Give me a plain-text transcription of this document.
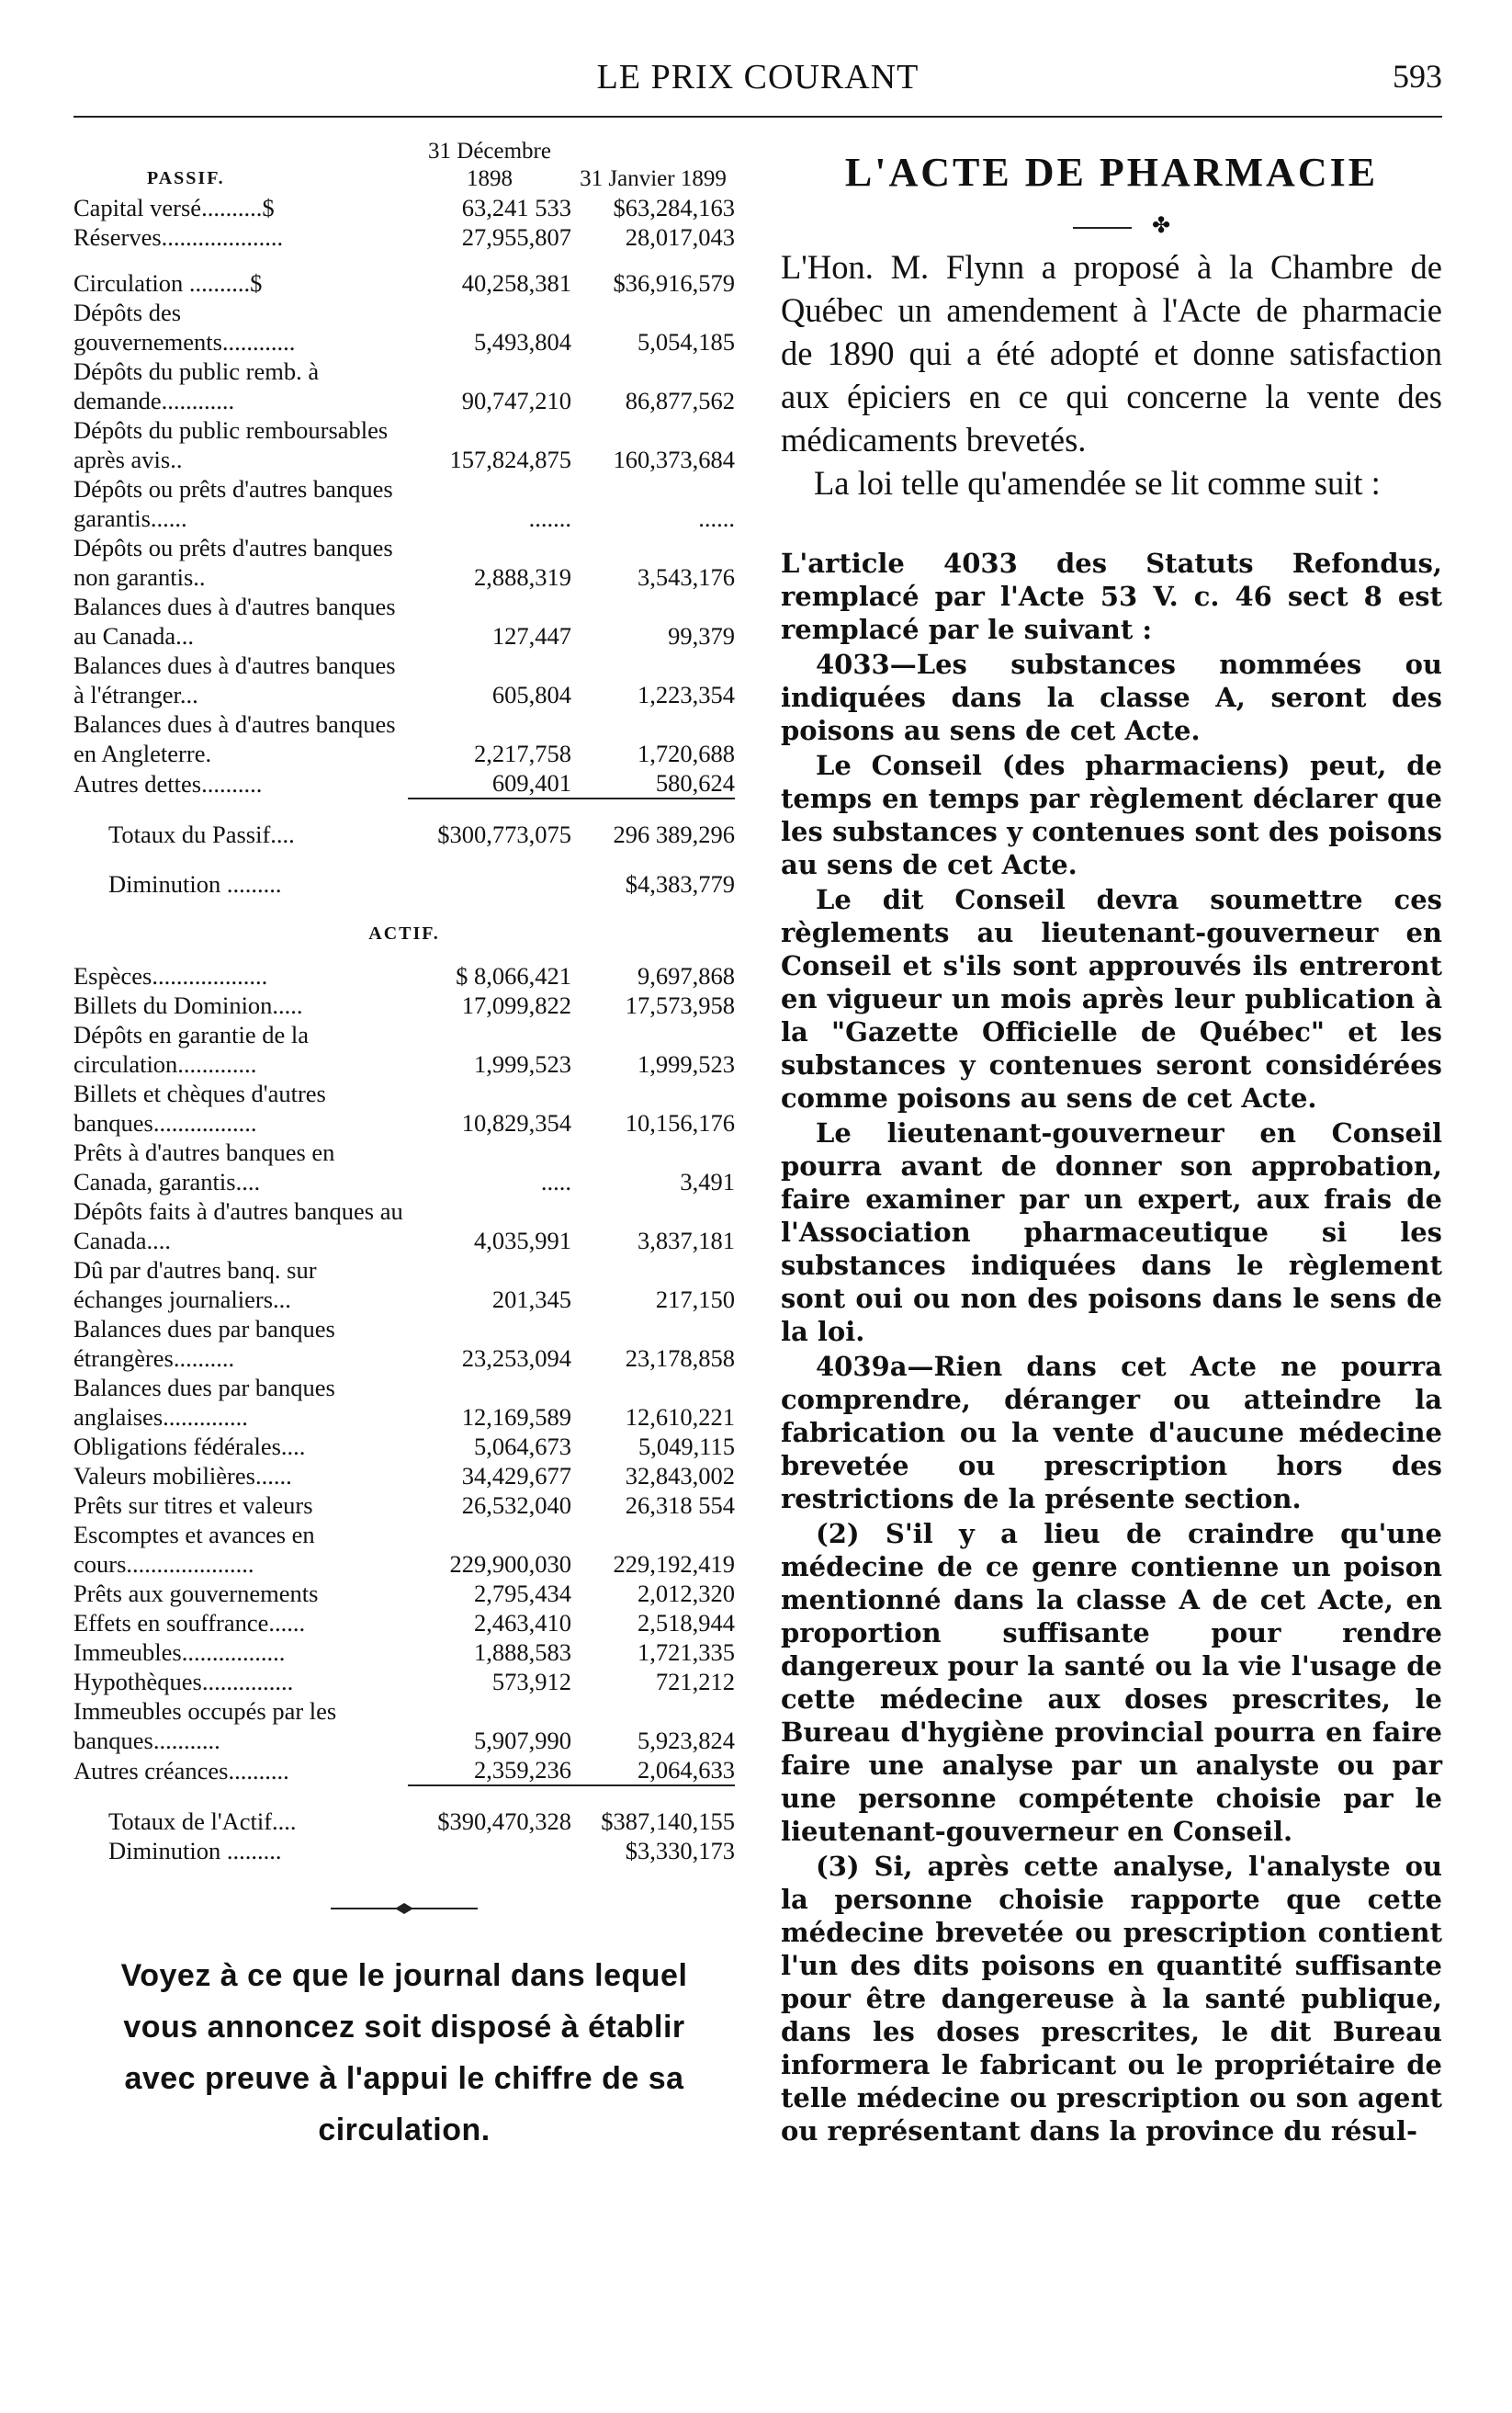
LE PRIX COURANT	593
PASSIF.	31 Décembre 1898	31 Janvier 1899
Capital versé..........$	63,241 533	$63,284,163
Réserves....................	27,955,807	28,017,043
Circulation ..........$	40,258,381	$36,916,579
Dépôts des gouvernements............	5,493,804	5,054,185
Dépôts du public remb. à demande............	90,747,210	86,877,562
Dépôts du public remboursables après avis..	157,824,875	160,373,684
Dépôts ou prêts d'autres banques garantis......	.......	......
Dépôts ou prêts d'autres banques non garantis..	2,888,319	3,543,176
Balances dues à d'autres banques au Canada...	127,447	99,379
Balances dues à d'autres banques à l'étranger...	605,804	1,223,354
Balances dues à d'autres banques en Angleterre.	2,217,758	1,720,688
Autres dettes..........	609,401	580,624
Totaux du Passif....	$300,773,075	296 389,296
Diminution .........		$4,383,779
ACTIF.		
Espèces...................	$ 8,066,421	9,697,868
Billets du Dominion.....	17,099,822	17,573,958
Dépôts en garantie de la circulation.............	1,999,523	1,999,523
Billets et chèques d'autres banques.................	10,829,354	10,156,176
Prêts à d'autres banques en Canada, garantis....	.....	3,491
Dépôts faits à d'autres banques au Canada....	4,035,991	3,837,181
Dû par d'autres banq. sur échanges journaliers...	201,345	217,150
Balances dues par banques étrangères..........	23,253,094	23,178,858
Balances dues par banques anglaises..............	12,169,589	12,610,221
Obligations fédérales....	5,064,673	5,049,115
Valeurs mobilières......	34,429,677	32,843,002
Prêts sur titres et valeurs	26,532,040	26,318 554
Escomptes et avances en cours.....................	229,900,030	229,192,419
Prêts aux gouvernements	2,795,434	2,012,320
Effets en souffrance......	2,463,410	2,518,944
Immeubles.................	1,888,583	1,721,335
Hypothèques...............	573,912	721,212
Immeubles occupés par les banques...........	5,907,990	5,923,824
Autres créances..........	2,359,236	2,064,633
Totaux de l'Actif....	$390,470,328	$387,140,155
Diminution .........		$3,330,173
Voyez à ce que le journal dans lequel vous annoncez soit disposé à établir avec preuve à l'appui le chiffre de sa circulation.
L'ACTE DE PHARMACIE
✤

L'Hon. M. Flynn a proposé à la Chambre de Québec un amendement à l'Acte de pharmacie de 1890 qui a été adopté et donne satisfaction aux épiciers en ce qui concerne la vente des médicaments brevetés.

La loi telle qu'amendée se lit comme suit :

L'article 4033 des Statuts Refondus, remplacé par l'Acte 53 V. c. 46 sect 8 est remplacé par le suivant :

4033—Les substances nommées ou indiquées dans la classe A, seront des poisons au sens de cet Acte.

Le Conseil (des pharmaciens) peut, de temps en temps par règlement déclarer que les substances y contenues sont des poisons au sens de cet Acte.

Le dit Conseil devra soumettre ces règlements au lieutenant-gouverneur en Conseil et s'ils sont approuvés ils entreront en vigueur un mois après leur publication à la "Gazette Officielle de Québec" et les substances y contenues seront considérées comme poisons au sens de cet Acte.

Le lieutenant-gouverneur en Conseil pourra avant de donner son approbation, faire examiner par un expert, aux frais de l'Association pharmaceutique si les substances indiquées dans le règlement sont oui ou non des poisons dans le sens de la loi.

4039a—Rien dans cet Acte ne pourra comprendre, déranger ou atteindre la fabrication ou la vente d'aucune médecine brevetée ou prescription hors des restrictions de la présente section.

(2) S'il y a lieu de craindre qu'une médecine de ce genre contienne un poison mentionné dans la classe A de cet Acte, en proportion suffisante pour rendre dangereux pour la santé ou la vie l'usage de cette médecine aux doses prescrites, le Bureau d'hygiène provincial pourra en faire faire une analyse par un analyste ou par une personne compétente choisie par le lieutenant-gouverneur en Conseil.

(3) Si, après cette analyse, l'analyste ou la personne choisie rapporte que cette médecine brevetée ou prescription contient l'un des dits poisons en quantité suffisante pour être dangereuse à la santé publique, dans les doses prescrites, le dit Bureau informera le fabricant ou le propriétaire de telle médecine ou prescription ou son agent ou représentant dans la province du résul-
